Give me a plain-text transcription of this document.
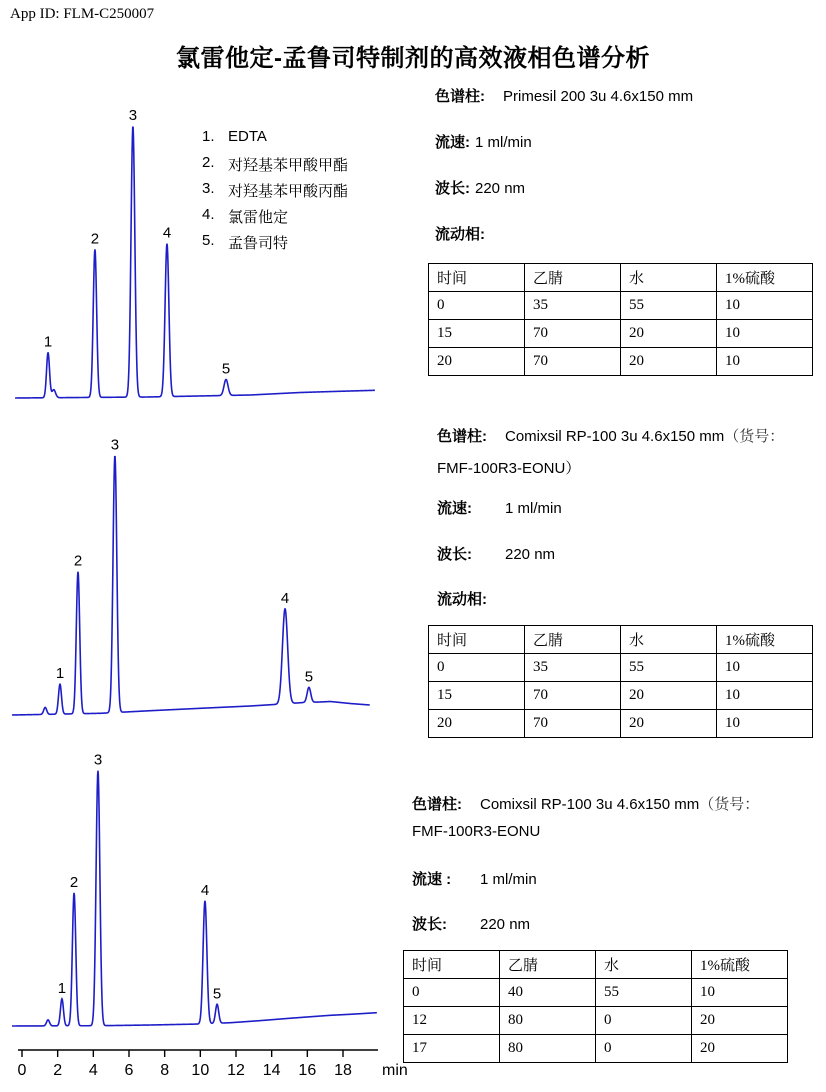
App ID: FLM-C250007
氯雷他定-孟鲁司特制剂的高效液相色谱分析
1
2
3
4
5
1
2
3
4
5
1
2
3
4
5
0 2 4 6 8 10 12 14 16 18 min
1. EDTA
2. 对羟基苯甲酸甲酯
3. 对羟基苯甲酸丙酯
4. 氯雷他定
5. 孟鲁司特
色谱柱: Primesil 200 3u 4.6x150 mm
流速: 1 ml/min
波长: 220 nm
流动相:
时间	乙腈	水	1%硫酸
0	35	55	10
15	70	20	10
20	70	20	10
色谱柱: Comixsil RP-100 3u 4.6x150 mm（货号：
FMF-100R3-EONU）
流速: 1 ml/min
波长: 220 nm
流动相:
时间	乙腈	水	1%硫酸
0	35	55	10
15	70	20	10
20	70	20	10
色谱柱: Comixsil RP-100 3u 4.6x150 mm（货号：
FMF-100R3-EONU
流速 : 1 ml/min
波长: 220 nm
时间	乙腈	水	1%硫酸
0	40	55	10
12	80	0	20
17	80	0	20
